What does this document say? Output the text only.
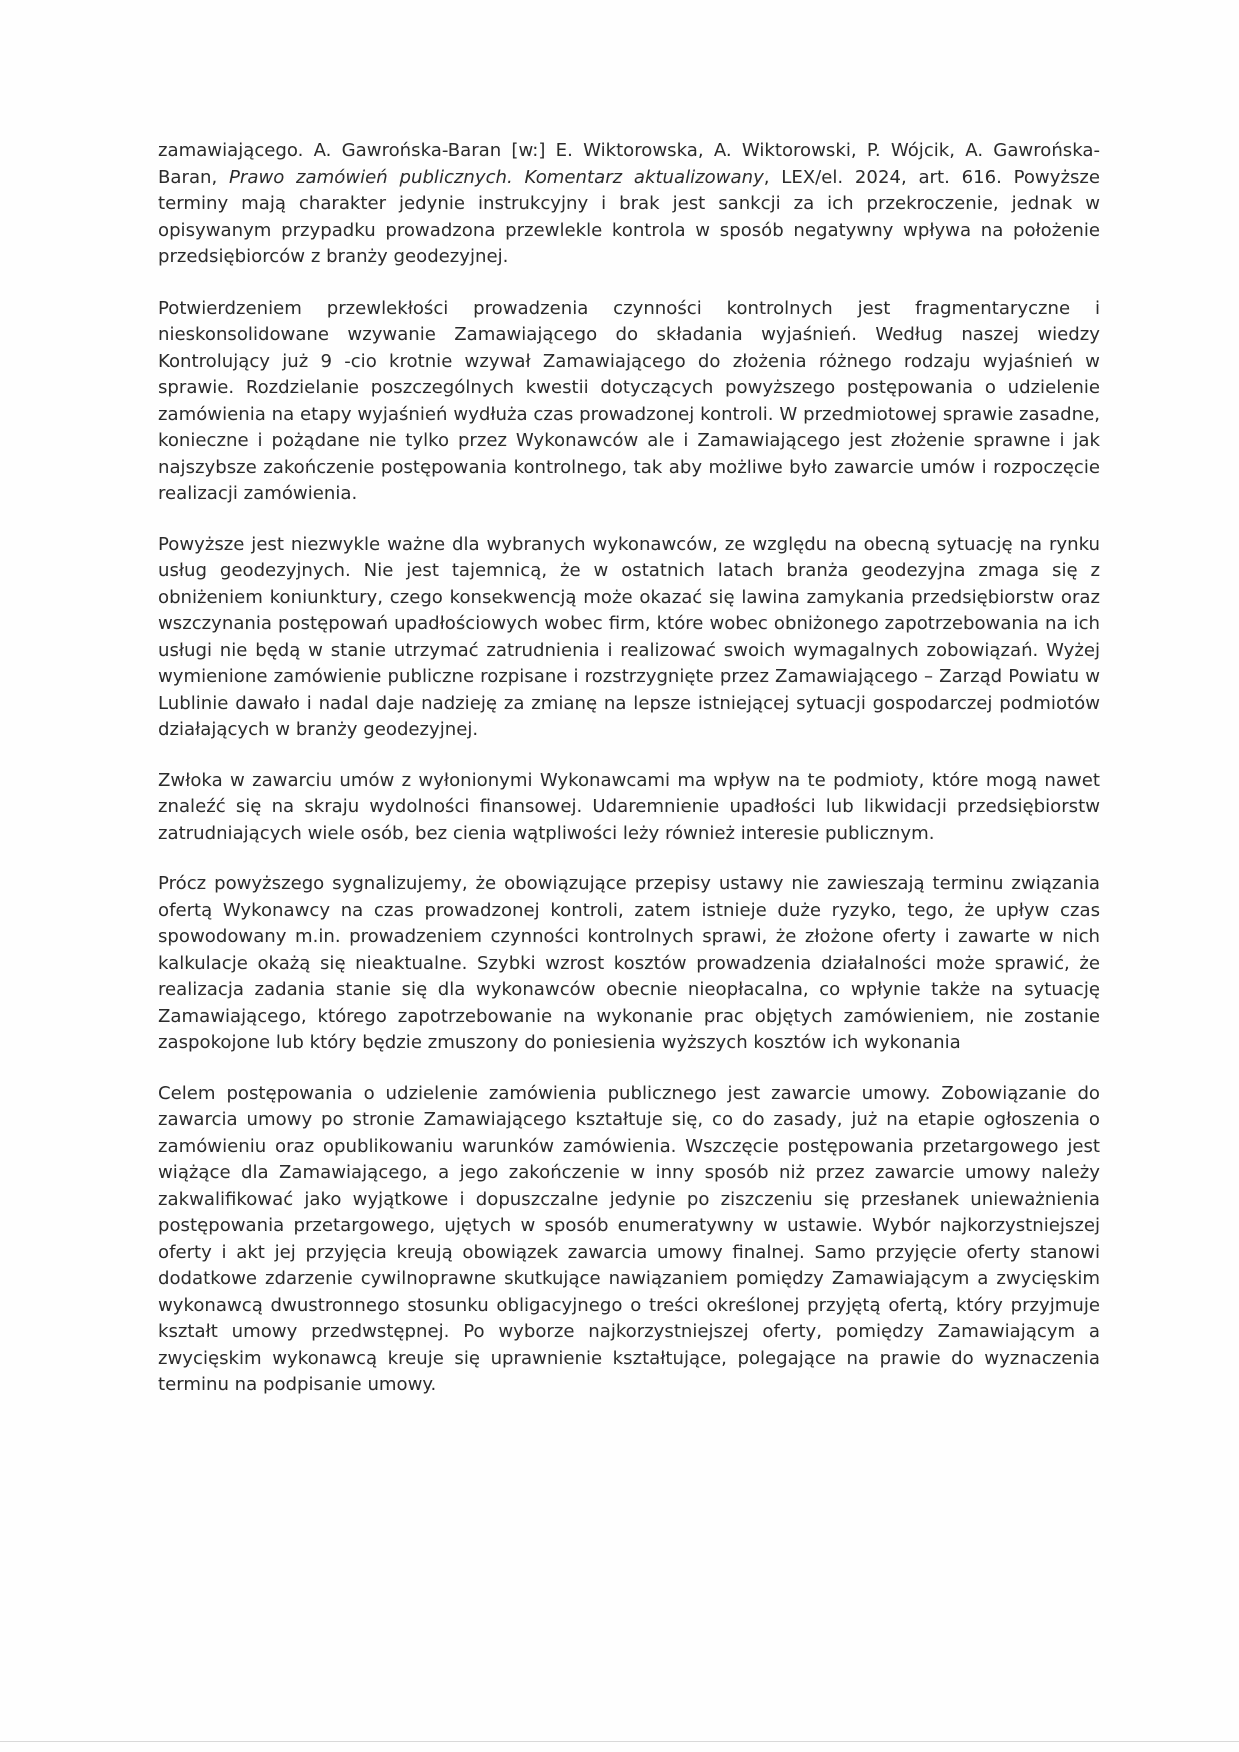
zamawiającego. A. Gawrońska-Baran [w:] E. Wiktorowska, A. Wiktorowski, P. Wójcik, A. Gawrońska-Baran, Prawo zamówień publicznych. Komentarz aktualizowany, LEX/el. 2024, art. 616. Powyższe terminy mają charakter jedynie instrukcyjny i brak jest sankcji za ich przekroczenie, jednak w opisywanym przypadku prowadzona przewlekle kontrola w sposób negatywny wpływa na położenie przedsiębiorców z branży geodezyjnej.

Potwierdzeniem przewlekłości prowadzenia czynności kontrolnych jest fragmentaryczne i nieskonsolidowane wzywanie Zamawiającego do składania wyjaśnień. Według naszej wiedzy Kontrolujący już 9 -cio krotnie wzywał Zamawiającego do złożenia różnego rodzaju wyjaśnień w sprawie. Rozdzielanie poszczególnych kwestii dotyczących powyższego postępowania o udzielenie zamówienia na etapy wyjaśnień wydłuża czas prowadzonej kontroli. W przedmiotowej sprawie zasadne, konieczne i pożądane nie tylko przez Wykonawców ale i Zamawiającego jest złożenie sprawne i jak najszybsze zakończenie postępowania kontrolnego, tak aby możliwe było zawarcie umów i rozpoczęcie realizacji zamówienia.

Powyższe jest niezwykle ważne dla wybranych wykonawców, ze względu na obecną sytuację na rynku usług geodezyjnych. Nie jest tajemnicą, że w ostatnich latach branża geodezyjna zmaga się z obniżeniem koniunktury, czego konsekwencją może okazać się lawina zamykania przedsiębiorstw oraz wszczynania postępowań upadłościowych wobec firm, które wobec obniżonego zapotrzebowania na ich usługi nie będą w stanie utrzymać zatrudnienia i realizować swoich wymagalnych zobowiązań. Wyżej wymienione zamówienie publiczne rozpisane i rozstrzygnięte przez Zamawiającego – Zarząd Powiatu w Lublinie dawało i nadal daje nadzieję za zmianę na lepsze istniejącej sytuacji gospodarczej podmiotów działających w branży geodezyjnej.

Zwłoka w zawarciu umów z wyłonionymi Wykonawcami ma wpływ na te podmioty, które mogą nawet znaleźć się na skraju wydolności finansowej. Udaremnienie upadłości lub likwidacji przedsiębiorstw zatrudniających wiele osób, bez cienia wątpliwości leży również interesie publicznym.

Prócz powyższego sygnalizujemy, że obowiązujące przepisy ustawy nie zawieszają terminu związania ofertą Wykonawcy na czas prowadzonej kontroli, zatem istnieje duże ryzyko, tego, że upływ czas spowodowany m.in. prowadzeniem czynności kontrolnych sprawi, że złożone oferty i zawarte w nich kalkulacje okażą się nieaktualne. Szybki wzrost kosztów prowadzenia działalności może sprawić, że realizacja zadania stanie się dla wykonawców obecnie nieopłacalna, co wpłynie także na sytuację Zamawiającego, którego zapotrzebowanie na wykonanie prac objętych zamówieniem, nie zostanie zaspokojone lub który będzie zmuszony do poniesienia wyższych kosztów ich wykonania

Celem postępowania o udzielenie zamówienia publicznego jest zawarcie umowy. Zobowiązanie do zawarcia umowy po stronie Zamawiającego kształtuje się, co do zasady, już na etapie ogłoszenia o zamówieniu oraz opublikowaniu warunków zamówienia. Wszczęcie postępowania przetargowego jest wiążące dla Zamawiającego, a jego zakończenie w inny sposób niż przez zawarcie umowy należy zakwalifikować jako wyjątkowe i dopuszczalne jedynie po ziszczeniu się przesłanek unieważnienia postępowania przetargowego, ujętych w sposób enumeratywny w ustawie. Wybór najkorzystniejszej oferty i akt jej przyjęcia kreują obowiązek zawarcia umowy finalnej. Samo przyjęcie oferty stanowi dodatkowe zdarzenie cywilnoprawne skutkujące nawiązaniem pomiędzy Zamawiającym a zwycięskim wykonawcą dwustronnego stosunku obligacyjnego o treści określonej przyjętą ofertą, który przyjmuje kształt umowy przedwstępnej. Po wyborze najkorzystniejszej oferty, pomiędzy Zamawiającym a zwycięskim wykonawcą kreuje się uprawnienie kształtujące, polegające na prawie do wyznaczenia terminu na podpisanie umowy.
